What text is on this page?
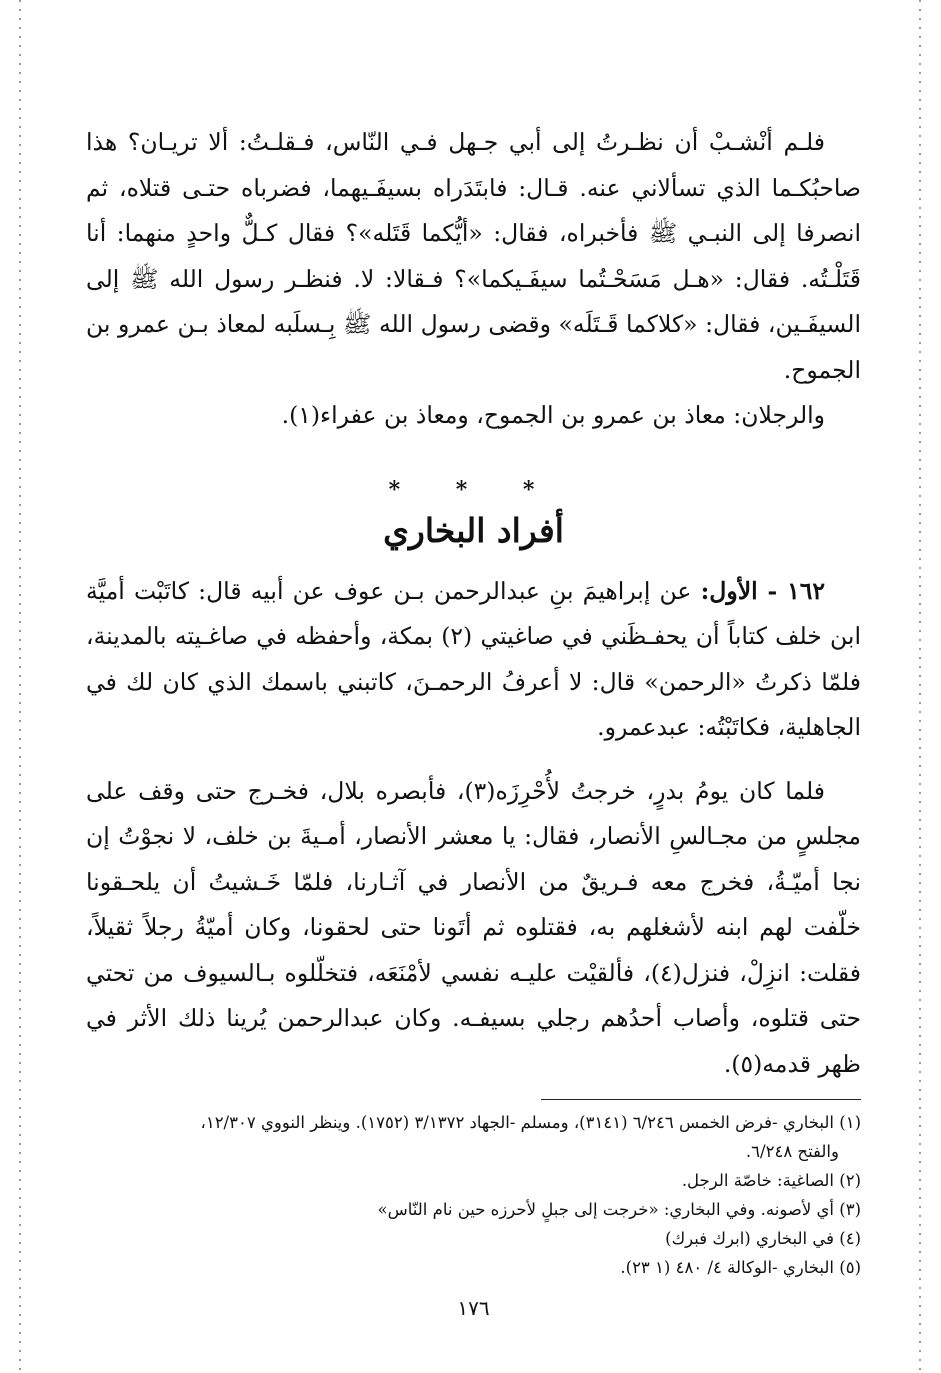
فلـم أنْشـبْ أن نظـرتُ إلى أبي جـهل فـي النّاس، فـقلـتُ: ألا تريـان؟ هذا صاحبُكـما الذي تسألاني عنه. قـال: فابتَدَراه بسيفَـيهما، فضرباه حتـى قتلاه، ثم انصرفا إلى النبـي ﷺ فأخبراه، فقال: «أيُّكما قَتَله»؟ فقال كـلٌّ واحدٍ منهما: أنا قَتَلْـتُه. فقال: «هـل مَسَحْـتُما سيفَـيكما»؟ فـقالا: لا. فنظـر رسول الله ﷺ إلى السيفَـين، فقال: «كلاكما قَـتَلَه» وقضى رسول الله ﷺ بِـسلَبه لمعاذ بـن عمرو بن الجموح.

والرجلان: معاذ بن عمرو بن الجموح، ومعاذ بن عفراء(١).

* * *
أفراد البخاري

١٦٢ - الأول: عن إبراهيمَ بنِ عبدالرحمن بـن عوف عن أبيه قال: كاتَبْت أميَّة ابن خلف كتاباً أن يحفـظَني في صاغيتي (٢) بمكة، وأحفظه في صاغـيته بالمدينة، فلمّا ذكرتُ «الرحمن» قال: لا أعرفُ الرحمـنَ، كاتبني باسمك الذي كان لك في الجاهلية، فكاتَبْتُه: عبدعمرو.

فلما كان يومُ بدرٍ، خرجتُ لأُحْرِزَه(٣)، فأبصره بلال، فخـرج حتى وقف على مجلسٍ من مجـالسِ الأنصار، فقال: يا معشر الأنصار، أمـيةَ بن خلف، لا نجوْتُ إن نجا أميّـةُ، فخرج معه فـريقٌ من الأنصار في آثـارنا، فلمّا خَـشيتُ أن يلحـقونا خلّفت لهم ابنه لأشغلهم به، فقتلوه ثم أتَونا حتى لحقونا، وكان أميّةُ رجلاً ثقيلاً، فقلت: انزِلْ، فنزل(٤)، فألقيْت عليـه نفسي لأمْنَعَه، فتخلّلوه بـالسيوف من تحتي حتى قتلوه، وأصاب أحدُهم رجلي بسيفـه. وكان عبدالرحمن يُرينا ذلك الأثر في ظهر قدمه(٥).

(١) البخاري -فرض الخمس ٦/٢٤٦ (٣١٤١)، ومسلم -الجهاد ٣/١٣٧٢ (١٧٥٢). وينظر النووي ١٢/٣٠٧،

والفتح ٦/٢٤٨.

(٢) الصاغية: خاصّة الرجل.

(٣) أي لأصونه. وفي البخاري: «خرجت إلى جبلٍ لأحرزه حين نام النّاس»

(٤) في البخاري (ابرك فبرك)

(٥) البخاري -الوكالة ٤/ ٤٨٠ (١ ٢٣).

١٧٦
